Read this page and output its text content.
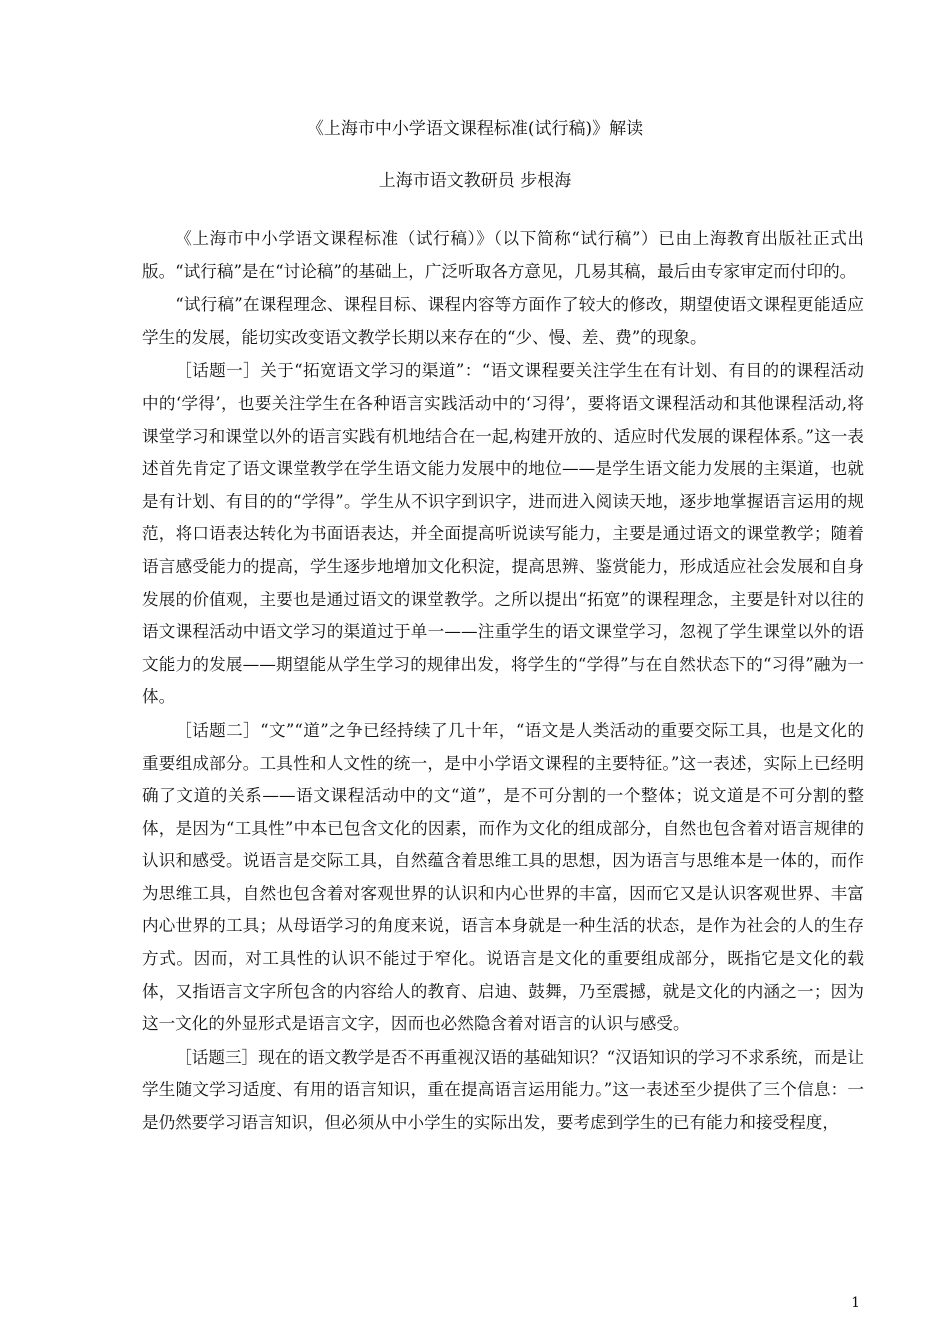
《上海市中小学语文课程标准(试行稿)》解读
上海市语文教研员 步根海

《上海市中小学语文课程标准（试行稿）》（以下简称“试行稿”）已由上海教育出版社正式出版。“试行稿”是在“讨论稿”的基础上，广泛听取各方意见，几易其稿，最后由专家审定而付印的。

“试行稿”在课程理念、课程目标、课程内容等方面作了较大的修改，期望使语文课程更能适应学生的发展，能切实改变语文教学长期以来存在的“少、慢、差、费”的现象。

［话题一］关于“拓宽语文学习的渠道”：“语文课程要关注学生在有计划、有目的的课程活动中的‘学得’，也要关注学生在各种语言实践活动中的‘习得’，要将语文课程活动和其他课程活动,将课堂学习和课堂以外的语言实践有机地结合在一起,构建开放的、适应时代发展的课程体系。”这一表述首先肯定了语文课堂教学在学生语文能力发展中的地位——是学生语文能力发展的主渠道，也就是有计划、有目的的“学得”。学生从不识字到识字，进而进入阅读天地，逐步地掌握语言运用的规范，将口语表达转化为书面语表达，并全面提高听说读写能力，主要是通过语文的课堂教学；随着语言感受能力的提高，学生逐步地增加文化积淀，提高思辨、鉴赏能力，形成适应社会发展和自身发展的价值观，主要也是通过语文的课堂教学。之所以提出“拓宽”的课程理念，主要是针对以往的语文课程活动中语文学习的渠道过于单一——注重学生的语文课堂学习，忽视了学生课堂以外的语文能力的发展——期望能从学生学习的规律出发，将学生的“学得”与在自然状态下的“习得”融为一体。

［话题二］“文”“道”之争已经持续了几十年，“语文是人类活动的重要交际工具，也是文化的重要组成部分。工具性和人文性的统一，是中小学语文课程的主要特征。”这一表述，实际上已经明确了文道的关系——语文课程活动中的文“道”，是不可分割的一个整体；说文道是不可分割的整体，是因为“工具性”中本已包含文化的因素，而作为文化的组成部分，自然也包含着对语言规律的认识和感受。说语言是交际工具，自然蕴含着思维工具的思想，因为语言与思维本是一体的，而作为思维工具，自然也包含着对客观世界的认识和内心世界的丰富，因而它又是认识客观世界、丰富内心世界的工具；从母语学习的角度来说，语言本身就是一种生活的状态，是作为社会的人的生存方式。因而，对工具性的认识不能过于窄化。说语言是文化的重要组成部分，既指它是文化的载体，又指语言文字所包含的内容给人的教育、启迪、鼓舞，乃至震撼，就是文化的内涵之一；因为这一文化的外显形式是语言文字，因而也必然隐含着对语言的认识与感受。

［话题三］现在的语文教学是否不再重视汉语的基础知识？“汉语知识的学习不求系统，而是让学生随文学习适度、有用的语言知识，重在提高语言运用能力。”这一表述至少提供了三个信息：一是仍然要学习语言知识，但必须从中小学生的实际出发，要考虑到学生的已有能力和接受程度，

1
